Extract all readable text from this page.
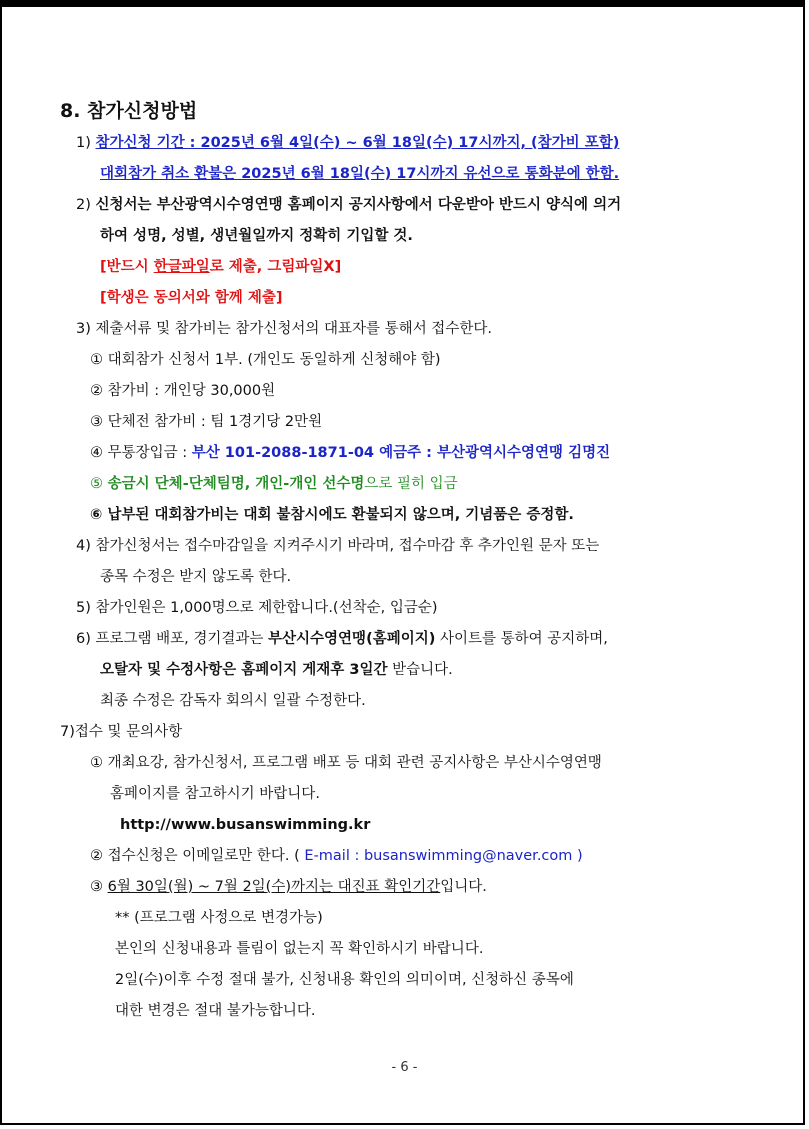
8. 참가신청방법
1) 참가신청 기간 : 2025년 6월 4일(수) ~ 6월 18일(수) 17시까지, (참가비 포함)
대회참가 취소 환불은 2025년 6월 18일(수) 17시까지 유선으로 통화분에 한함.
2) 신청서는 부산광역시수영연맹 홈페이지 공지사항에서 다운받아 반드시 양식에 의거
하여 성명, 성별, 생년월일까지 정확히 기입할 것.
[반드시 한글파일로 제출, 그림파일X]
[학생은 동의서와 함께 제출]
3) 제출서류 및 참가비는 참가신청서의 대표자를 통해서 접수한다.
① 대회참가 신청서 1부. (개인도 동일하게 신청해야 함)
② 참가비 : 개인당 30,000원
③ 단체전 참가비 : 팀 1경기당 2만원
④ 무통장입금 : 부산 101-2088-1871-04 예금주 : 부산광역시수영연맹 김명진
⑤ 송금시 단체-단체팀명, 개인-개인 선수명으로 필히 입금
⑥ 납부된 대회참가비는 대회 불참시에도 환불되지 않으며, 기념품은 증정함.
4) 참가신청서는 접수마감일을 지켜주시기 바라며, 접수마감 후 추가인원 문자 또는
종목 수정은 받지 않도록 한다.
5) 참가인원은 1,000명으로 제한합니다.(선착순, 입금순)
6) 프로그램 배포, 경기결과는 부산시수영연맹(홈페이지) 사이트를 통하여 공지하며,
오탈자 및 수정사항은 홈페이지 게재후 3일간 받습니다.
최종 수정은 감독자 회의시 일괄 수정한다.
7)접수 및 문의사항
① 개최요강, 참가신청서, 프로그램 배포 등 대회 관련 공지사항은 부산시수영연맹
홈페이지를 참고하시기 바랍니다.
http://www.busanswimming.kr
② 접수신청은 이메일로만 한다. ( E-mail : busanswimming@naver.com )
③ 6월 30일(월) ~ 7월 2일(수)까지는 대진표 확인기간입니다.
** (프로그램 사정으로 변경가능)
본인의 신청내용과 틀림이 없는지 꼭 확인하시기 바랍니다.
2일(수)이후 수정 절대 불가, 신청내용 확인의 의미이며, 신청하신 종목에
대한 변경은 절대 불가능합니다.
- 6 -
